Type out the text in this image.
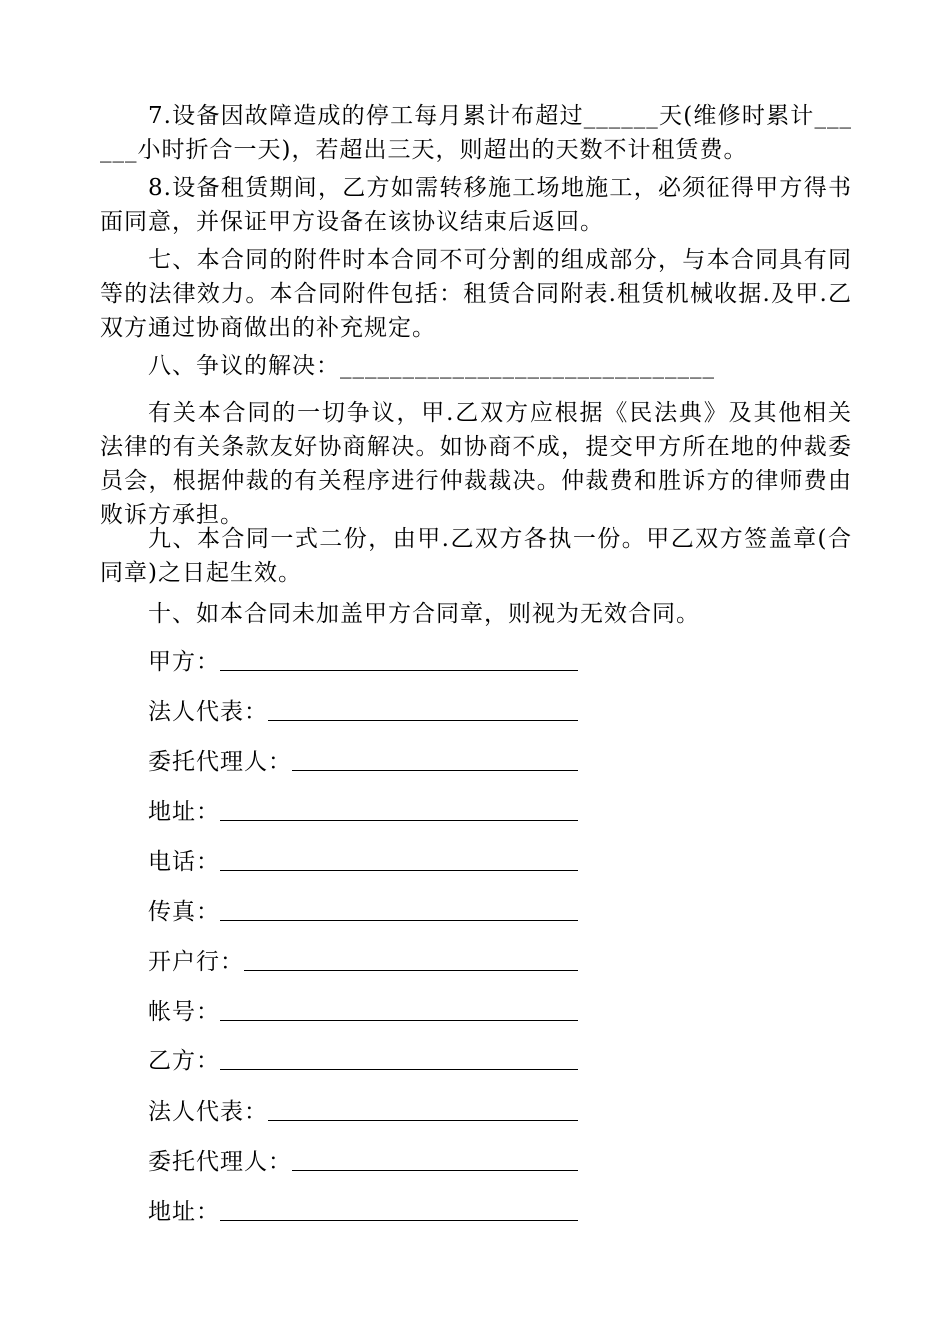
7.设备因故障造成的停工每月累计布超过______天(维修时累计______小时折合一天)，若超出三天，则超出的天数不计租赁费。
8.设备租赁期间，乙方如需转移施工场地施工，必须征得甲方得书面同意，并保证甲方设备在该协议结束后返回。
七、本合同的附件时本合同不可分割的组成部分，与本合同具有同等的法律效力。本合同附件包括：租赁合同附表.租赁机械收据.及甲.乙双方通过协商做出的补充规定。
八、争议的解决：______________________________
有关本合同的一切争议，甲.乙双方应根据《民法典》及其他相关法律的有关条款友好协商解决。如协商不成，提交甲方所在地的仲裁委员会，根据仲裁的有关程序进行仲裁裁决。仲裁费和胜诉方的律师费由败诉方承担。
九、本合同一式二份，由甲.乙双方各执一份。甲乙双方签盖章(合同章)之日起生效。
十、如本合同未加盖甲方合同章，则视为无效合同。
甲方：
法人代表：
委托代理人：
地址：
电话：
传真：
开户行：
帐号：
乙方：
法人代表：
委托代理人：
地址：
